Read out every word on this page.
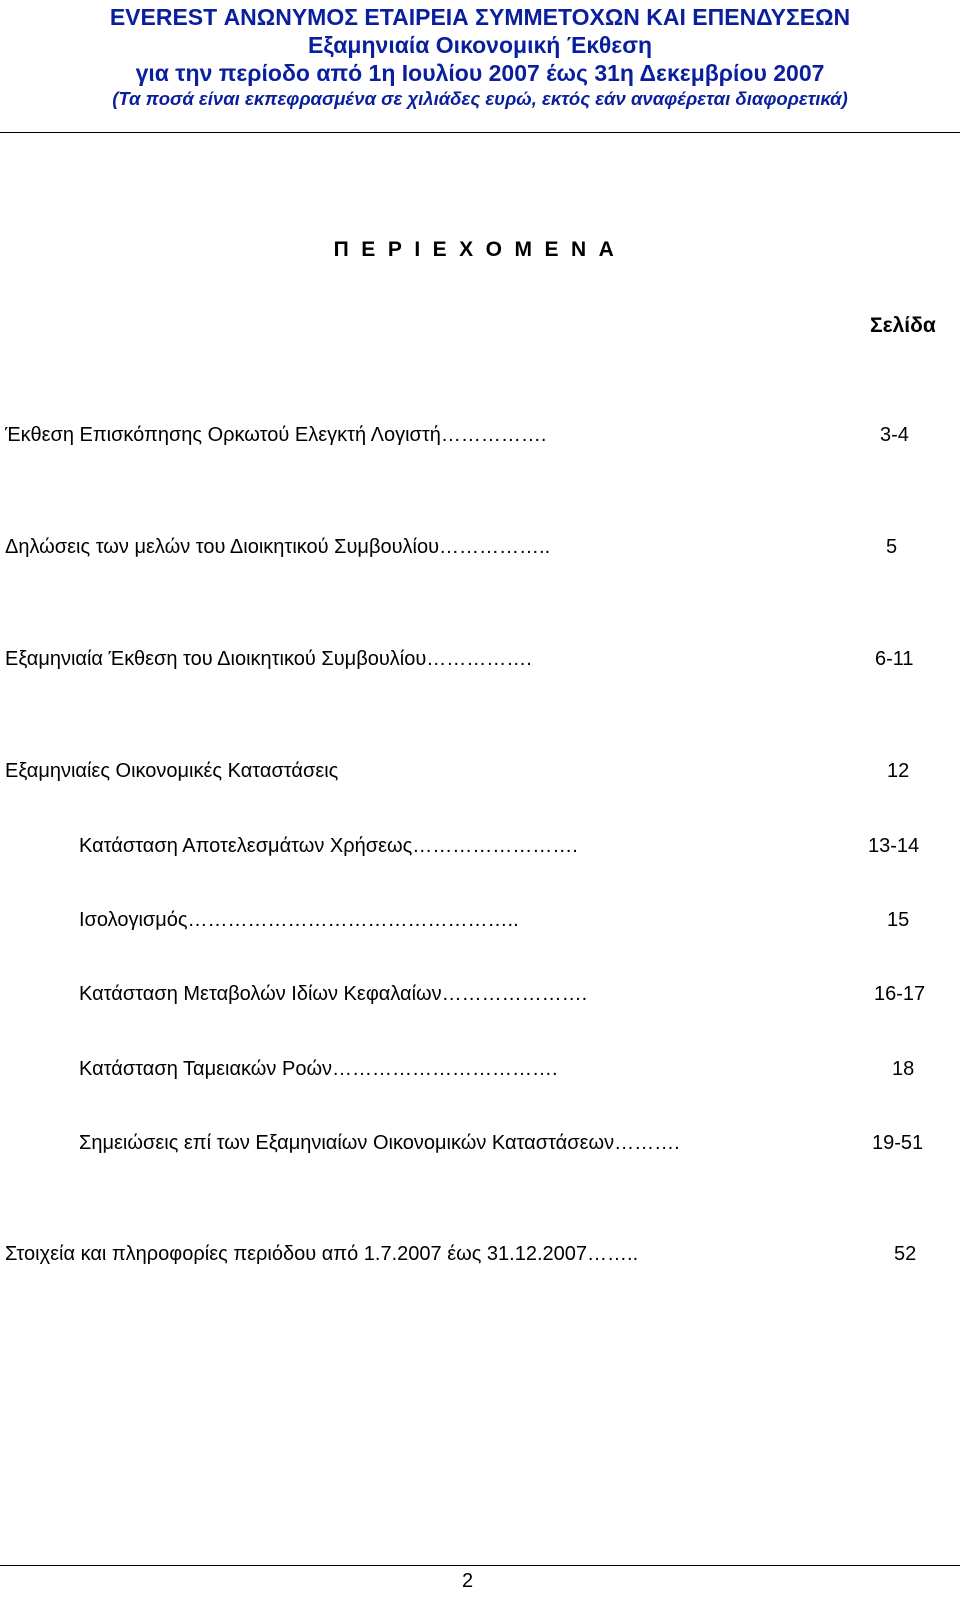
EVEREST ΑΝΩΝΥΜΟΣ ΕΤΑΙΡΕΙΑ ΣΥΜΜΕΤΟΧΩΝ ΚΑΙ ΕΠΕΝΔΥΣΕΩΝ
Εξαμηνιαία Οικονομική Έκθεση
για την περίοδο από 1η Ιουλίου 2007 έως 31η Δεκεμβρίου 2007
(Τα ποσά είναι εκπεφρασμένα σε χιλιάδες ευρώ, εκτός εάν αναφέρεται διαφορετικά)
ΠΕΡΙΕΧΟΜΕΝΑ
Σελίδα
Έκθεση Επισκόπησης Ορκωτού Ελεγκτή Λογιστή…………….	3-4
Δηλώσεις των μελών του Διοικητικού Συμβουλίου……………..	5
Εξαμηνιαία Έκθεση του Διοικητικού Συμβουλίου…………….	6-11
Εξαμηνιαίες Οικονομικές Καταστάσεις	12
Κατάσταση Αποτελεσμάτων Χρήσεως…………………….	13-14
Ισολογισμός…………………………………………..	15
Κατάσταση Μεταβολών Ιδίων Κεφαλαίων………………….	16-17
Κατάσταση Ταμειακών Ροών…………………………….	18
Σημειώσεις επί των Εξαμηνιαίων Οικονομικών Καταστάσεων……….	19-51
Στοιχεία και πληροφορίες περιόδου από 1.7.2007 έως 31.12.2007……..	52
2
